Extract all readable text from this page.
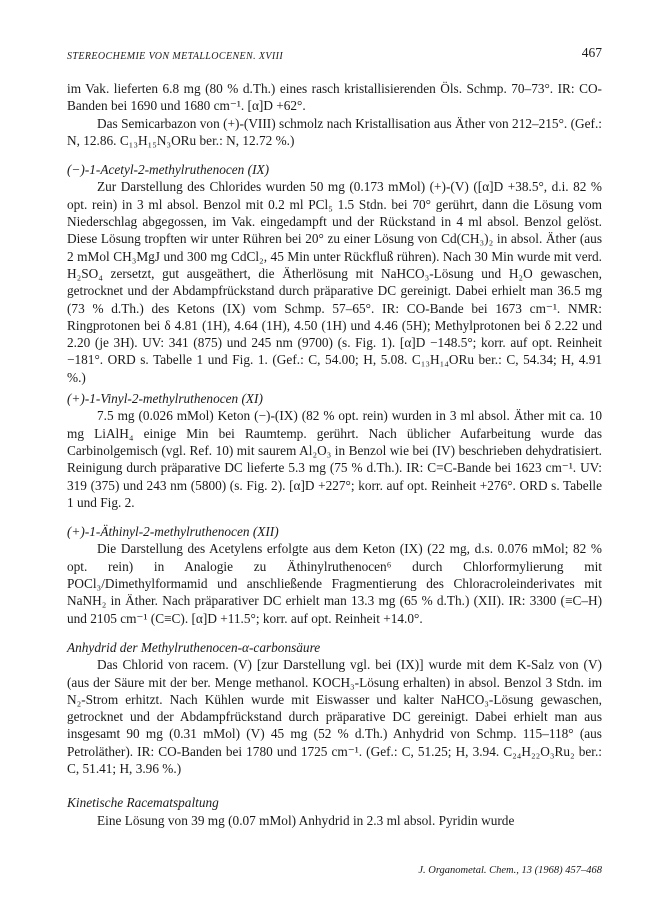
STEREOCHEMIE VON METALLOCENEN. XVIII	467

im Vak. lieferten 6.8 mg (80 % d.Th.) eines rasch kristallisierenden Öls. Schmp. 70–73°. IR: CO-Banden bei 1690 und 1680 cm⁻¹. [α]D +62°.

Das Semicarbazon von (+)-(VIII) schmolz nach Kristallisation aus Äther von 212–215°. (Gef.: N, 12.86. C₁₃H₁₅N₃ORu ber.: N, 12.72 %.)

(−)-1-Acetyl-2-methylruthenocen (IX)

Zur Darstellung des Chlorides wurden 50 mg (0.173 mMol) (+)-(V) ([α]D +38.5°, d.i. 82 % opt. rein) in 3 ml absol. Benzol mit 0.2 ml PCl₅ 1.5 Stdn. bei 70° gerührt, dann die Lösung vom Niederschlag abgegossen, im Vak. eingedampft und der Rückstand in 4 ml absol. Benzol gelöst. Diese Lösung tropften wir unter Rühren bei 20° zu einer Lösung von Cd(CH₃)₂ in absol. Äther (aus 2 mMol CH₃MgJ und 300 mg CdCl₂, 45 Min unter Rückfluß rühren). Nach 30 Min wurde mit verd. H₂SO₄ zersetzt, gut ausgeäthert, die Ätherlösung mit NaHCO₃-Lösung und H₂O gewaschen, getrocknet und der Abdampfrückstand durch präparative DC gereinigt. Dabei erhielt man 36.5 mg (73 % d.Th.) des Ketons (IX) vom Schmp. 57–65°. IR: CO-Bande bei 1673 cm⁻¹. NMR: Ringprotonen bei δ 4.81 (1H), 4.64 (1H), 4.50 (1H) und 4.46 (5H); Methylprotonen bei δ 2.22 und 2.20 (je 3H). UV: 341 (875) und 245 nm (9700) (s. Fig. 1). [α]D −148.5°; korr. auf opt. Reinheit −181°. ORD s. Tabelle 1 und Fig. 1. (Gef.: C, 54.00; H, 5.08. C₁₃H₁₄ORu ber.: C, 54.34; H, 4.91 %.)

(+)-1-Vinyl-2-methylruthenocen (XI)

7.5 mg (0.026 mMol) Keton (−)-(IX) (82 % opt. rein) wurden in 3 ml absol. Äther mit ca. 10 mg LiAlH₄ einige Min bei Raumtemp. gerührt. Nach üblicher Aufarbeitung wurde das Carbinolgemisch (vgl. Ref. 10) mit saurem Al₂O₃ in Benzol wie bei (IV) beschrieben dehydratisiert. Reinigung durch präparative DC lieferte 5.3 mg (75 % d.Th.). IR: C=C-Bande bei 1623 cm⁻¹. UV: 319 (375) und 243 nm (5800) (s. Fig. 2). [α]D +227°; korr. auf opt. Reinheit +276°. ORD s. Tabelle 1 und Fig. 2.

(+)-1-Äthinyl-2-methylruthenocen (XII)

Die Darstellung des Acetylens erfolgte aus dem Keton (IX) (22 mg, d.s. 0.076 mMol; 82 % opt. rein) in Analogie zu Äthinylruthenocen⁶ durch Chlorformylierung mit POCl₃/Dimethylformamid und anschließende Fragmentierung des Chloracroleinderivates mit NaNH₂ in Äther. Nach präparativer DC erhielt man 13.3 mg (65 % d.Th.) (XII). IR: 3300 (≡C–H) und 2105 cm⁻¹ (C≡C). [α]D +11.5°; korr. auf opt. Reinheit +14.0°.

Anhydrid der Methylruthenocen-α-carbonsäure

Das Chlorid von racem. (V) [zur Darstellung vgl. bei (IX)] wurde mit dem K-Salz von (V) (aus der Säure mit der ber. Menge methanol. KOCH₃-Lösung erhalten) in absol. Benzol 3 Stdn. im N₂-Strom erhitzt. Nach Kühlen wurde mit Eiswasser und kalter NaHCO₃-Lösung gewaschen, getrocknet und der Abdampfrückstand durch präparative DC gereinigt. Dabei erhielt man aus insgesamt 90 mg (0.31 mMol) (V) 45 mg (52 % d.Th.) Anhydrid von Schmp. 115–118° (aus Petroläther). IR: CO-Banden bei 1780 und 1725 cm⁻¹. (Gef.: C, 51.25; H, 3.94. C₂₄H₂₂O₃Ru₂ ber.: C, 51.41; H, 3.96 %.)

Kinetische Racematspaltung

Eine Lösung von 39 mg (0.07 mMol) Anhydrid in 2.3 ml absol. Pyridin wurde

J. Organometal. Chem., 13 (1968) 457–468
